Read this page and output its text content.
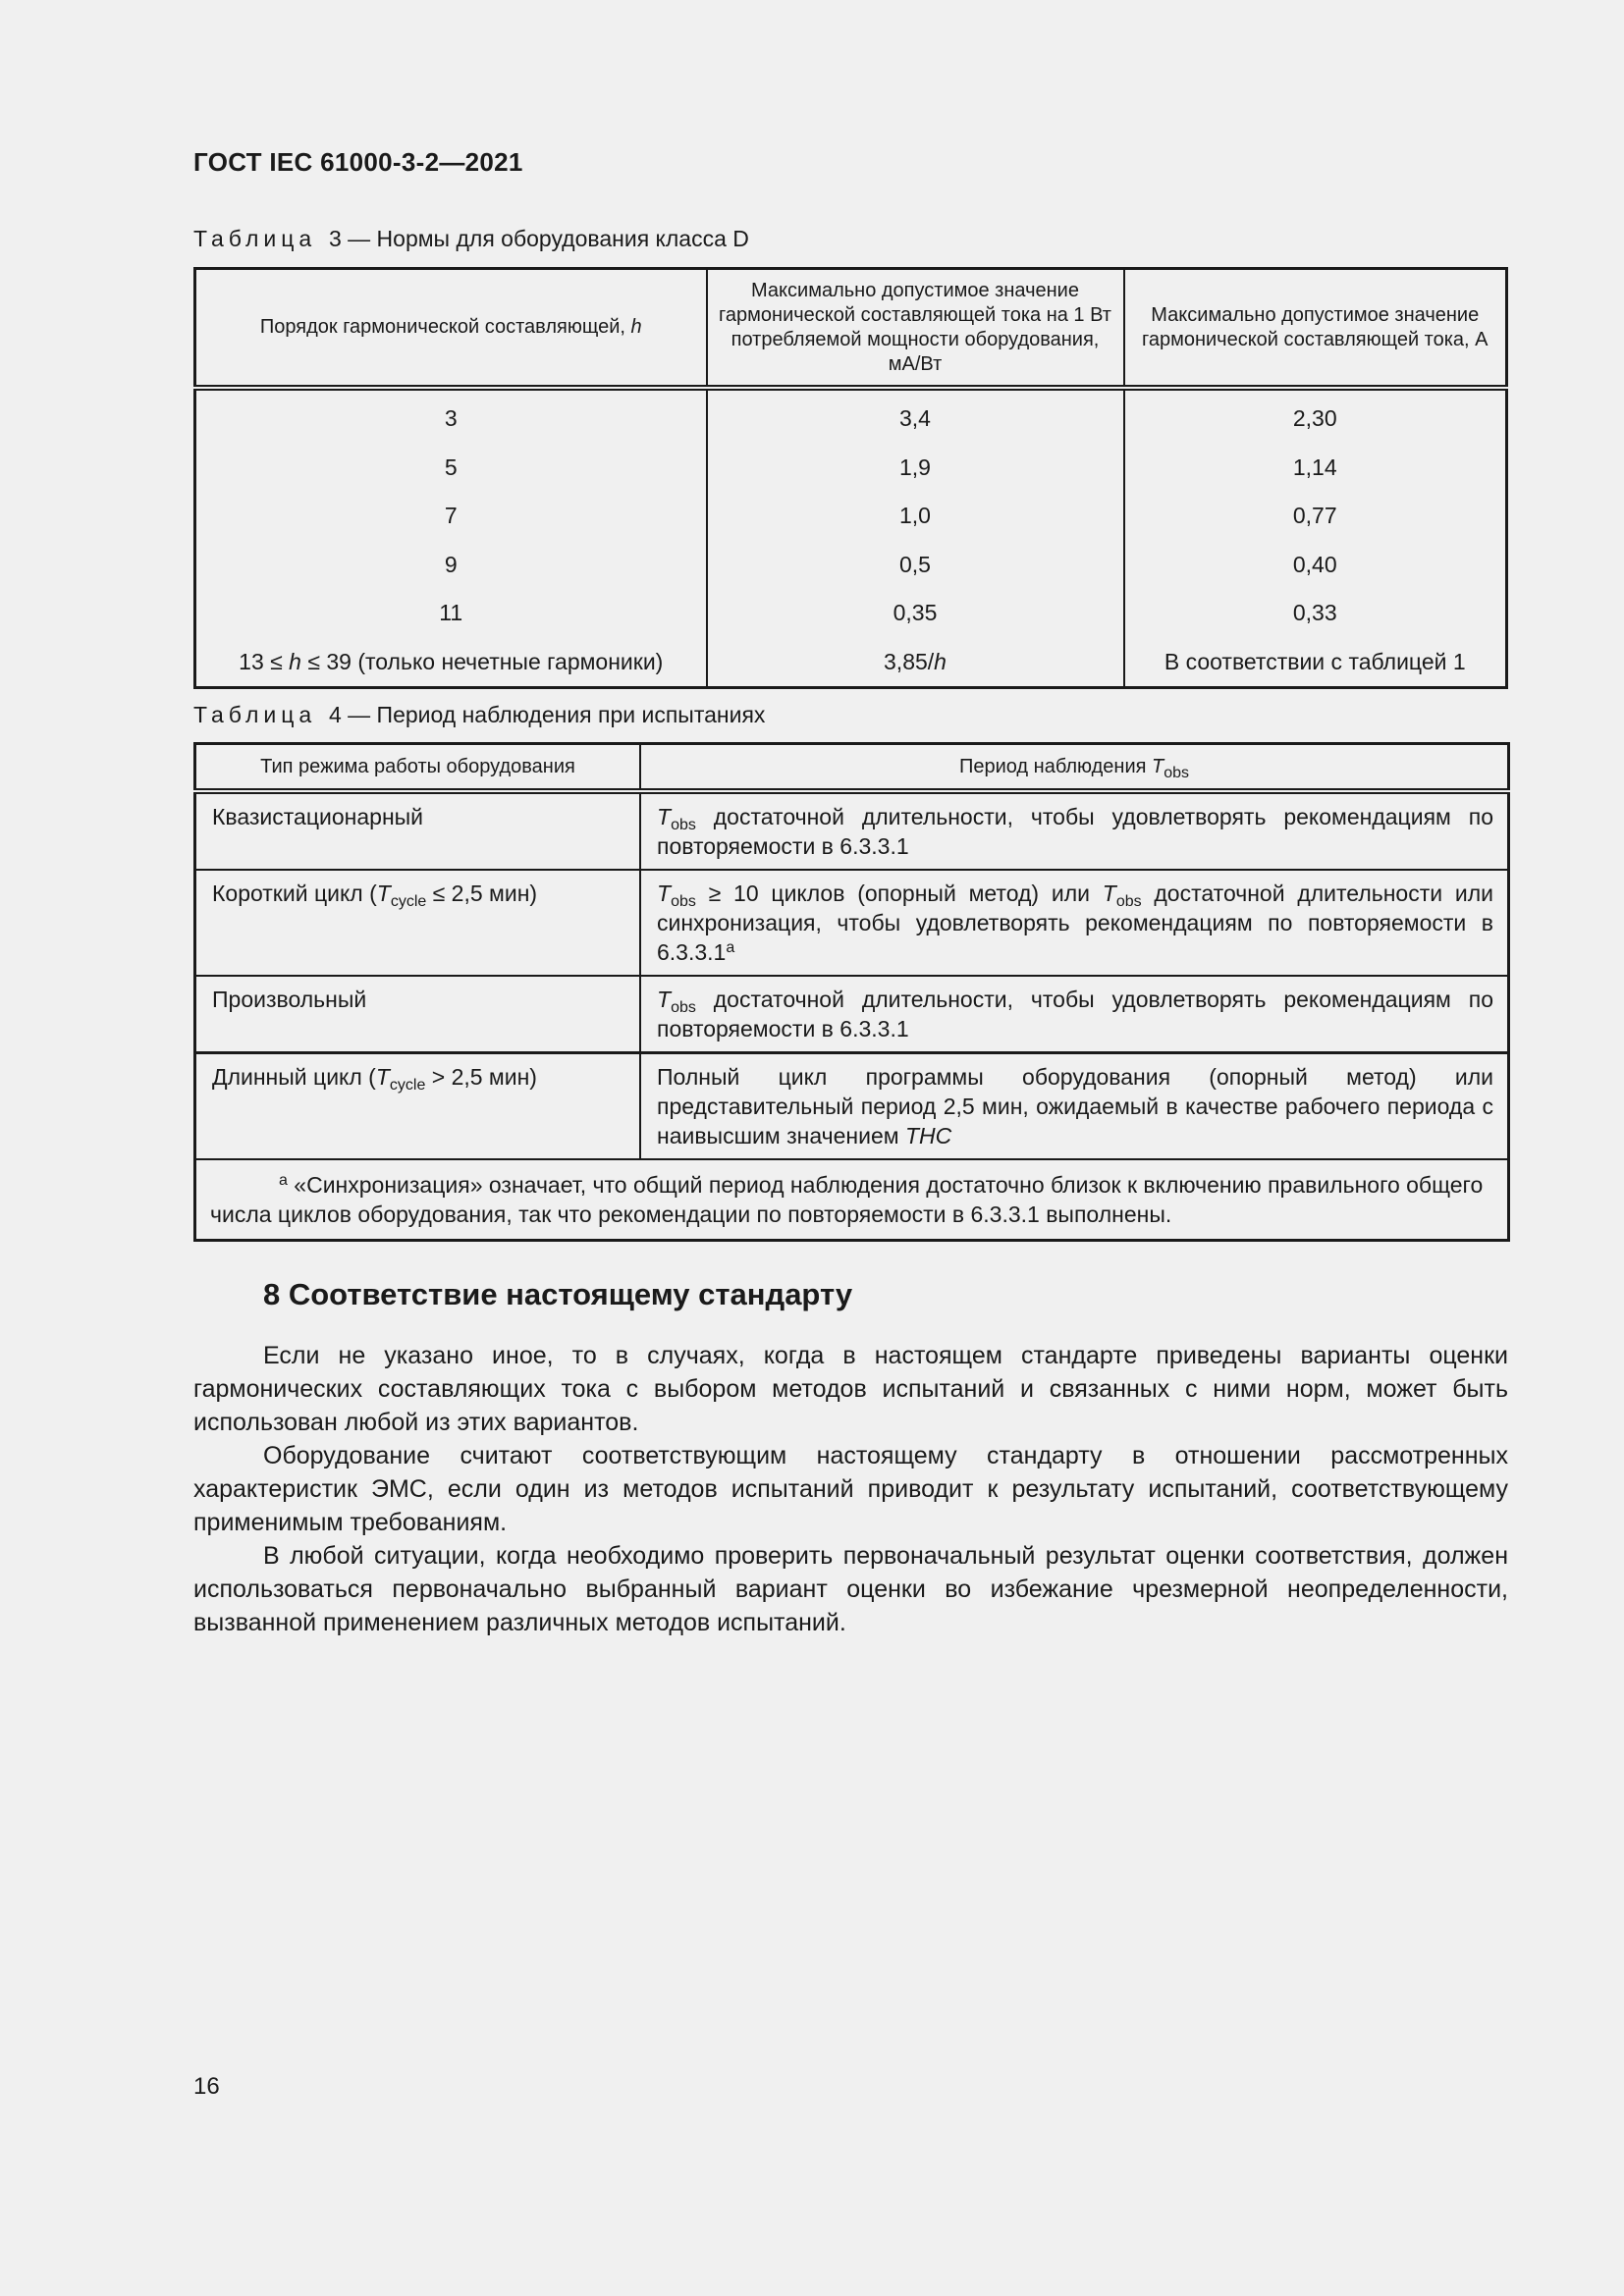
ГОСТ IEC 61000-3-2—2021
Таблица 3 — Нормы для оборудования класса D
Порядок гармонической составляющей, h	Максимально допустимое значение гармонической составляющей тока на 1 Вт потребляемой мощности оборудования, мА/Вт	Максимально допустимое значение гармонической составляющей тока, А
3	3,4	2,30
5	1,9	1,14
7	1,0	0,77
9	0,5	0,40
11	0,35	0,33
13 ≤ h ≤ 39 (только нечетные гармоники)	3,85/h	В соответствии с таблицей 1
Таблица 4 — Период наблюдения при испытаниях
Тип режима работы оборудования	Период наблюдения $T_{obs}$
Квазистационарный	$T_{obs}$ достаточной длительности, чтобы удовлетворять рекомендациям по повторяемости в 6.3.3.1
Короткий цикл ($T_{cycle} \le 2,5$ мин)	$T_{obs} \ge 10$ циклов (опорный метод) или $T_{obs}$ достаточной длительности или синхронизация, чтобы удовлетворять рекомендациям по повторяемости в 6.3.3.1$^a$
Произвольный	$T_{obs}$ достаточной длительности, чтобы удовлетворять рекомендациям по повторяемости в 6.3.3.1
Длинный цикл ($T_{cycle} > 2,5$ мин)	Полный цикл программы оборудования (опорный метод) или представительный период 2,5 мин, ожидаемый в качестве рабочего периода с наивысшим значением THC
$^a$ «Синхронизация» означает, что общий период наблюдения достаточно близок к включению правильного общего числа циклов оборудования, так что рекомендации по повторяемости в 6.3.3.1 выполнены.	
8 Соответствие настоящему стандарту

Если не указано иное, то в случаях, когда в настоящем стандарте приведены варианты оценки гармонических составляющих тока с выбором методов испытаний и связанных с ними норм, может быть использован любой из этих вариантов.

Оборудование считают соответствующим настоящему стандарту в отношении рассмотренных характеристик ЭМС, если один из методов испытаний приводит к результату испытаний, соответствующему применимым требованиям.

В любой ситуации, когда необходимо проверить первоначальный результат оценки соответствия, должен использоваться первоначально выбранный вариант оценки во избежание чрезмерной неопределенности, вызванной применением различных методов испытаний.

16
